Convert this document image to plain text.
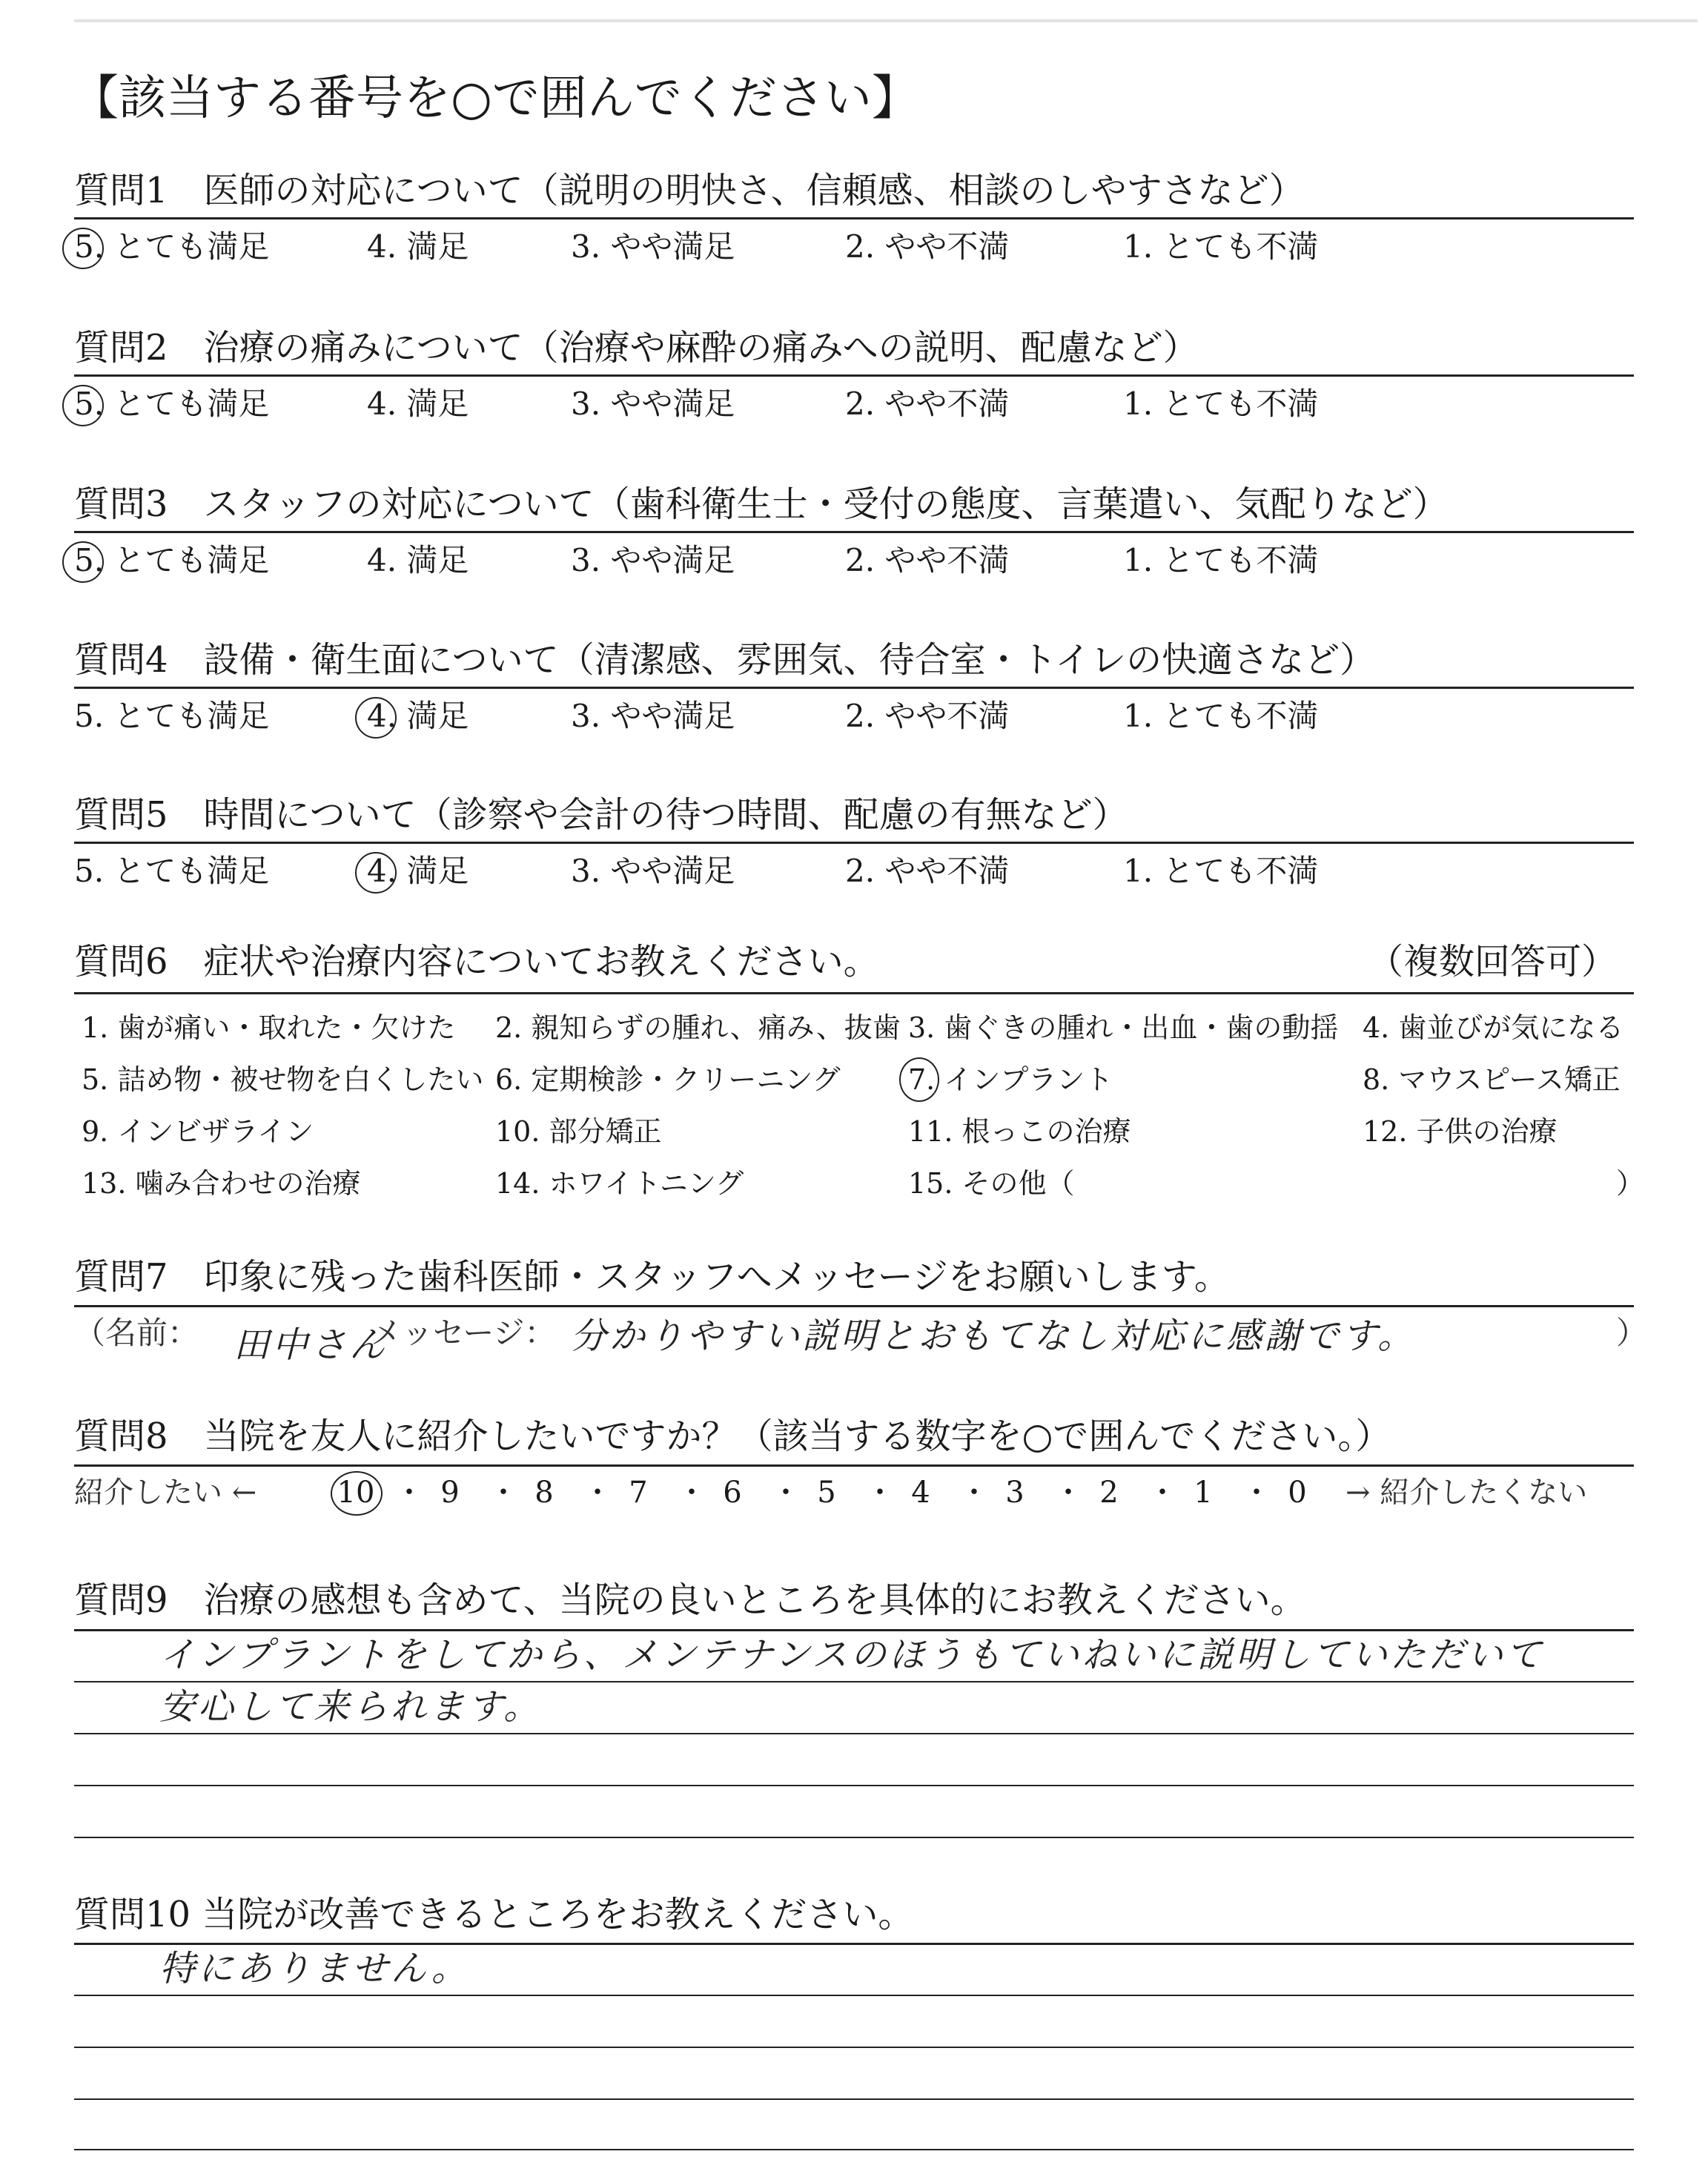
【該当する番号を○で囲んでください】
質問1　医師の対応について（説明の明快さ、信頼感、相談のしやすさなど）
5. とても満足	4. 満足	3. やや満足	2. やや不満	1. とても不満
質問2　治療の痛みについて（治療や麻酔の痛みへの説明、配慮など）
5. とても満足	4. 満足	3. やや満足	2. やや不満	1. とても不満
質問3　スタッフの対応について（歯科衛生士・受付の態度、言葉遣い、気配りなど）
5. とても満足	4. 満足	3. やや満足	2. やや不満	1. とても不満
質問4　設備・衛生面について（清潔感、雰囲気、待合室・トイレの快適さなど）
5. とても満足	4. 満足	3. やや満足	2. やや不満	1. とても不満
質問5　時間について（診察や会計の待つ時間、配慮の有無など）
5. とても満足	4. 満足	3. やや満足	2. やや不満	1. とても不満
質問6　症状や治療内容についてお教えください。	（複数回答可）
1. 歯が痛い・取れた・欠けた 2. 親知らずの腫れ、痛み、抜歯 3. 歯ぐきの腫れ・出血・歯の動揺 4. 歯並びが気になる
5. 詰め物・被せ物を白くしたい 6. 定期検診・クリーニング 7. インプラント	8. マウスピース矯正
9. インビザライン	10. 部分矯正	11. 根っこの治療	12. 子供の治療
13. 噛み合わせの治療	14. ホワイトニング	15. その他（	）
質問7　印象に残った歯科医師・スタッフへメッセージをお願いします。
（名前： 田中さん
メッセージ： 分かりやすい説明とおもてなし対応に感謝です。	）
質問8　当院を友人に紹介したいですか？（該当する数字を○で囲んでください。）
紹介したい ←	10 ・ 9 ・ 8 ・ 7 ・ 6 ・ 5 ・ 4 ・ 3 ・ 2 ・ 1 ・ 0	→ 紹介したくない
質問9　治療の感想も含めて、当院の良いところを具体的にお教えください。
インプラントをしてから、メンテナンスのほうもていねいに説明していただいて
安心して来られます。
質問10 当院が改善できるところをお教えください。
特にありません。
